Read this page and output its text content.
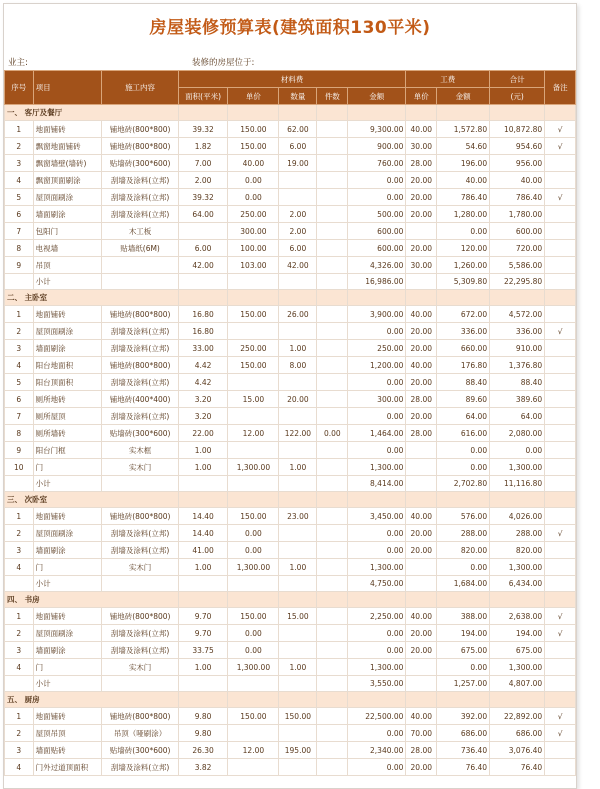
房屋装修预算表(建筑面积130平米)
业主:	装修的房屋位于:
序号	项目	施工内容	材料费					工费		合计	备注
			面积(平米)	单价	数量	件数	金额	单价	金额	(元)	
一、 客厅及餐厅											
1	地面铺砖	铺地砖(800*800)	39.32	150.00	62.00		9,300.00	40.00	1,572.80	10,872.80	√
2	飘窗地面铺砖	铺地砖(800*800)	1.82	150.00	6.00		900.00	30.00	54.60	954.60	√
3	飘窗墙壁(墙砖)	贴墙砖(300*600)	7.00	40.00	19.00		760.00	28.00	196.00	956.00	
4	飘窗顶面刷涂	刮墙及涂料(立邦)	2.00	0.00			0.00	20.00	40.00	40.00	
5	屋顶面刷涂	刮墙及涂料(立邦)	39.32	0.00			0.00	20.00	786.40	786.40	√
6	墙面刷涂	刮墙及涂料(立邦)	64.00	250.00	2.00		500.00	20.00	1,280.00	1,780.00	
7	包阳门	木工板		300.00	2.00		600.00		0.00	600.00	
8	电视墙	贴墙纸(6M)	6.00	100.00	6.00		600.00	20.00	120.00	720.00	
9	吊顶		42.00	103.00	42.00		4,326.00	30.00	1,260.00	5,586.00	
	小计						16,986.00		5,309.80	22,295.80	
二、 主卧室											
1	地面铺砖	铺地砖(800*800)	16.80	150.00	26.00		3,900.00	40.00	672.00	4,572.00	
2	屋顶面刷涂	刮墙及涂料(立邦)	16.80				0.00	20.00	336.00	336.00	√
3	墙面刷涂	刮墙及涂料(立邦)	33.00	250.00	1.00		250.00	20.00	660.00	910.00	
4	阳台地面积	铺地砖(800*800)	4.42	150.00	8.00		1,200.00	40.00	176.80	1,376.80	
5	阳台顶面积	刮墙及涂料(立邦)	4.42				0.00	20.00	88.40	88.40	
6	厕所地砖	铺地砖(400*400)	3.20	15.00	20.00		300.00	28.00	89.60	389.60	
7	厕所屋顶	刮墙及涂料(立邦)	3.20				0.00	20.00	64.00	64.00	
8	厕所墙砖	贴墙砖(300*600)	22.00	12.00	122.00	0.00	1,464.00	28.00	616.00	2,080.00	
9	阳台门框	实木框	1.00				0.00		0.00	0.00	
10	门	实木门	1.00	1,300.00	1.00		1,300.00		0.00	1,300.00	
	小计						8,414.00		2,702.80	11,116.80	
三、 次卧室											
1	地面铺砖	铺地砖(800*800)	14.40	150.00	23.00		3,450.00	40.00	576.00	4,026.00	
2	屋顶面刷涂	刮墙及涂料(立邦)	14.40	0.00			0.00	20.00	288.00	288.00	√
3	墙面刷涂	刮墙及涂料(立邦)	41.00	0.00			0.00	20.00	820.00	820.00	
4	门	实木门	1.00	1,300.00	1.00		1,300.00		0.00	1,300.00	
	小计						4,750.00		1,684.00	6,434.00	
四、 书房											
1	地面铺砖	铺地砖(800*800)	9.70	150.00	15.00		2,250.00	40.00	388.00	2,638.00	√
2	屋顶面刷涂	刮墙及涂料(立邦)	9.70	0.00			0.00	20.00	194.00	194.00	√
3	墙面刷涂	刮墙及涂料(立邦)	33.75	0.00			0.00	20.00	675.00	675.00	
4	门	实木门	1.00	1,300.00	1.00		1,300.00		0.00	1,300.00	
	小计						3,550.00		1,257.00	4,807.00	
五、 厨房											
1	地面铺砖	铺地砖(800*800)	9.80	150.00	150.00		22,500.00	40.00	392.00	22,892.00	√
2	屋顶吊顶	吊顶（哑刷涂）	9.80				0.00	70.00	686.00	686.00	√
3	墙面贴砖	贴墙砖(300*600)	26.30	12.00	195.00		2,340.00	28.00	736.40	3,076.40	
4	门外过道顶面积	刮墙及涂料(立邦)	3.82				0.00	20.00	76.40	76.40	
